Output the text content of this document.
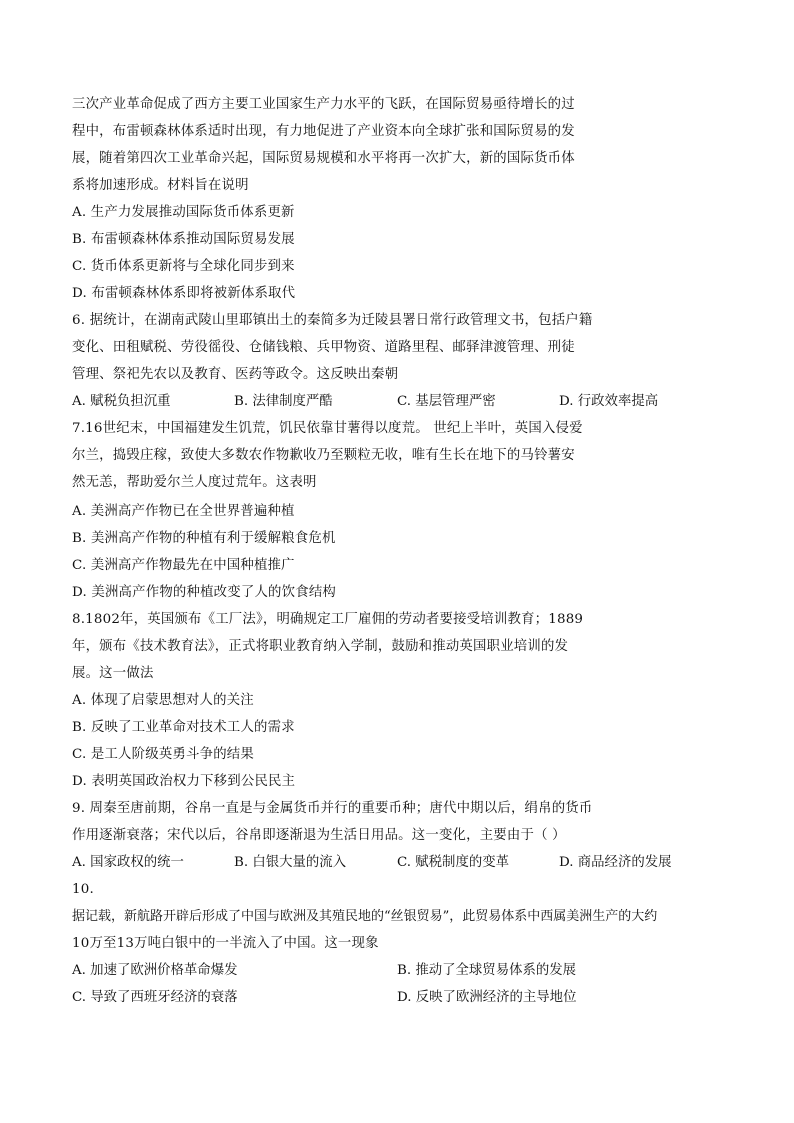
三次产业革命促成了西方主要工业国家生产力水平的飞跃，在国际贸易亟待增长的过
程中，布雷顿森林体系适时出现，有力地促进了产业资本向全球扩张和国际贸易的发
展，随着第四次工业革命兴起，国际贸易规模和水平将再一次扩大，新的国际货币体
系将加速形成。材料旨在说明
A. 生产力发展推动国际货币体系更新
B. 布雷顿森林体系推动国际贸易发展
C. 货币体系更新将与全球化同步到来
D. 布雷顿森林体系即将被新体系取代
6. 据统计，在湖南武陵山里耶镇出土的秦简多为迁陵县署日常行政管理文书，包括户籍
变化、田租赋税、劳役徭役、仓储钱粮、兵甲物资、道路里程、邮驿津渡管理、刑徒
管理、祭祀先农以及教育、医药等政令。这反映出秦朝
A. 赋税负担沉重	B. 法律制度严酷	C. 基层管理严密	D. 行政效率提高
7.16世纪末，中国福建发生饥荒，饥民依靠甘薯得以度荒。 世纪上半叶，英国入侵爱
尔兰，捣毁庄稼，致使大多数农作物歉收乃至颗粒无收，唯有生长在地下的马铃薯安
然无恙，帮助爱尔兰人度过荒年。这表明
A. 美洲高产作物已在全世界普遍种植
B. 美洲高产作物的种植有利于缓解粮食危机
C. 美洲高产作物最先在中国种植推广
D. 美洲高产作物的种植改变了人的饮食结构
8.1802年，英国颁布《工厂法》，明确规定工厂雇佣的劳动者要接受培训教育；1889
年，颁布《技术教育法》，正式将职业教育纳入学制，鼓励和推动英国职业培训的发
展。这一做法
A. 体现了启蒙思想对人的关注
B. 反映了工业革命对技术工人的需求
C. 是工人阶级英勇斗争的结果
D. 表明英国政治权力下移到公民民主
9. 周秦至唐前期，谷帛一直是与金属货币并行的重要币种；唐代中期以后，绢帛的货币
作用逐渐衰落；宋代以后，谷帛即逐渐退为生活日用品。这一变化，主要由于（ ）
A. 国家政权的统一	B. 白银大量的流入	C. 赋税制度的变革	D. 商品经济的发展
10.
据记载，新航路开辟后形成了中国与欧洲及其殖民地的“丝银贸易”，此贸易体系中西属美洲生产的大约
10万至13万吨白银中的一半流入了中国。这一现象
A. 加速了欧洲价格革命爆发	B. 推动了全球贸易体系的发展
C. 导致了西班牙经济的衰落	D. 反映了欧洲经济的主导地位
